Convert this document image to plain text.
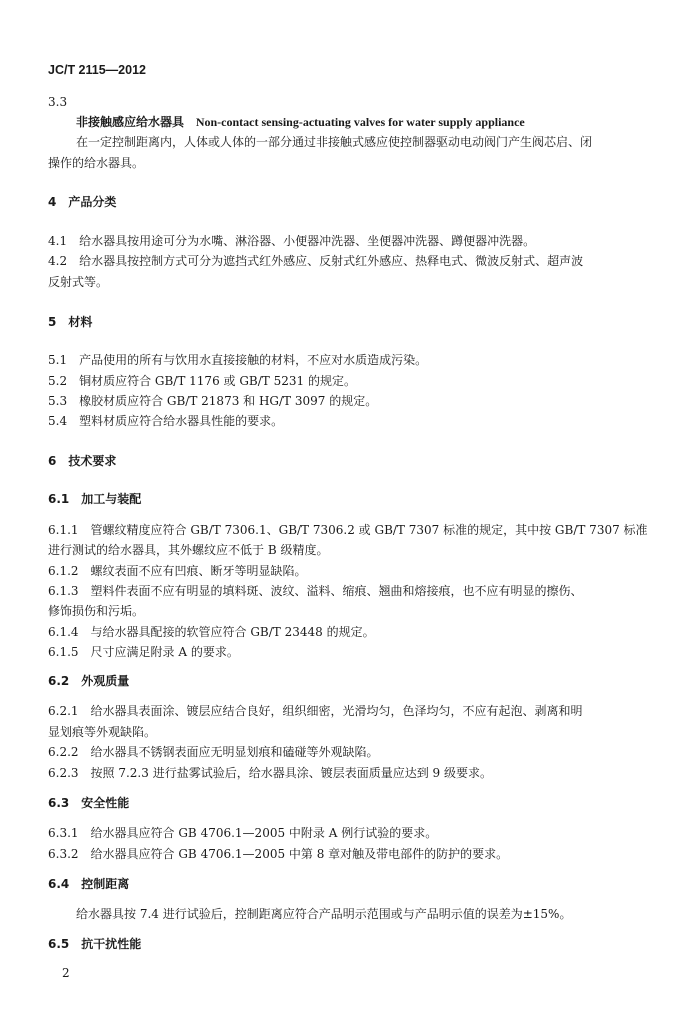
JC/T 2115—2012
3.3
非接触感应给水器具 Non-contact sensing-actuating valves for water supply appliance
在一定控制距离内，人体或人体的一部分通过非接触式感应使控制器驱动电动阀门产生阀芯启、闭
操作的给水器具。
4　产品分类
4.1　给水器具按用途可分为水嘴、淋浴器、小便器冲洗器、坐便器冲洗器、蹲便器冲洗器。
4.2　给水器具按控制方式可分为遮挡式红外感应、反射式红外感应、热释电式、微波反射式、超声波
反射式等。
5　材料
5.1　产品使用的所有与饮用水直接接触的材料，不应对水质造成污染。
5.2　铜材质应符合 GB/T 1176 或 GB/T 5231 的规定。
5.3　橡胶材质应符合 GB/T 21873 和 HG/T 3097 的规定。
5.4　塑料材质应符合给水器具性能的要求。
6　技术要求
6.1　加工与装配
6.1.1　管螺纹精度应符合 GB/T 7306.1、GB/T 7306.2 或 GB/T 7307 标准的规定，其中按 GB/T 7307 标准
进行测试的给水器具，其外螺纹应不低于 B 级精度。
6.1.2　螺纹表面不应有凹痕、断牙等明显缺陷。
6.1.3　塑料件表面不应有明显的填料斑、波纹、溢料、缩痕、翘曲和熔接痕，也不应有明显的擦伤、
修饰损伤和污垢。
6.1.4　与给水器具配接的软管应符合 GB/T 23448 的规定。
6.1.5　尺寸应满足附录 A 的要求。
6.2　外观质量
6.2.1　给水器具表面涂、镀层应结合良好，组织细密，光滑均匀，色泽均匀，不应有起泡、剥离和明
显划痕等外观缺陷。
6.2.2　给水器具不锈钢表面应无明显划痕和磕碰等外观缺陷。
6.2.3　按照 7.2.3 进行盐雾试验后，给水器具涂、镀层表面质量应达到 9 级要求。
6.3　安全性能
6.3.1　给水器具应符合 GB 4706.1—2005 中附录 A 例行试验的要求。
6.3.2　给水器具应符合 GB 4706.1—2005 中第 8 章对触及带电部件的防护的要求。
6.4　控制距离
给水器具按 7.4 进行试验后，控制距离应符合产品明示范围或与产品明示值的误差为±15%。
6.5　抗干扰性能
2
